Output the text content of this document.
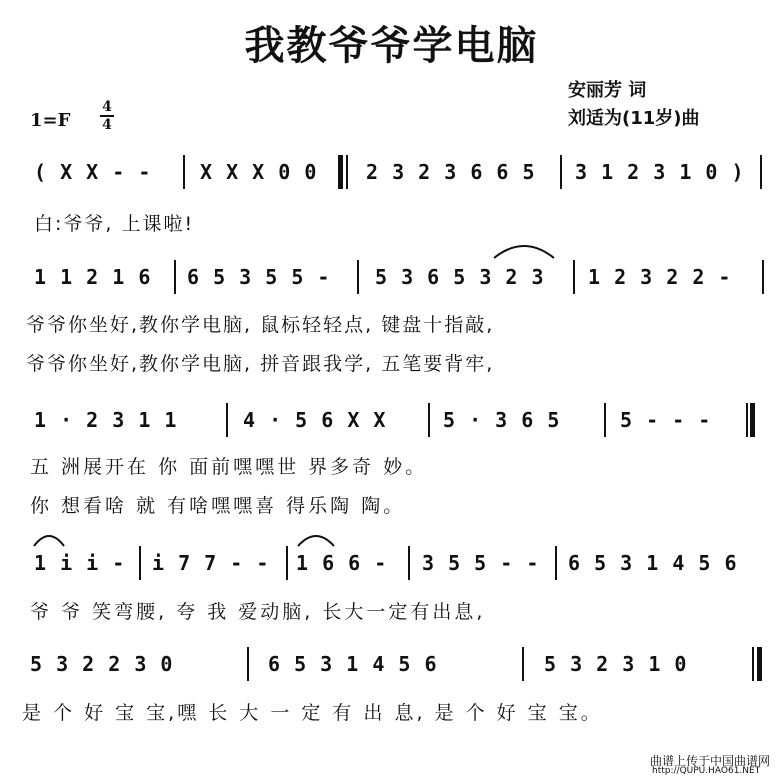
我教爷爷学电脑
安丽芳 词
刘适为(11岁)曲
1=F
4
4
( X X - - X X X 0 0 2 3 2 3 6 6 5 3 1 2 3 1 0 )
白:爷爷, 上课啦!
1 1 2 1 6 6 5 3 5 5 - 5 3 6 5 3 2 3 1 2 3 2 2 -
爷爷你坐好,教你学电脑, 鼠标轻轻点, 键盘十指敲,
爷爷你坐好,教你学电脑, 拼音跟我学, 五笔要背牢,
1 · 2 3 1 1	4 · 5 6 X X	5 · 3 6 5	5 - - -
五 洲展开在 你 面前嘿嘿世 界多奇 妙。
你 想看啥 就 有啥嘿嘿喜 得乐陶 陶。
1 i i - i 7 7 - - 1 6 6 - 3 5 5 - - 6 5 3 1 4 5 6
爷 爷 笑弯腰, 夸 我 爱动脑, 长大一定有出息,
5 3 2 2 3 0	6 5 3 1 4 5 6	5 3 2 3 1 0
是 个 好 宝 宝,嘿 长 大 一 定 有 出 息, 是 个 好 宝 宝。
曲谱上传于中国曲谱网
http://QUPU.HAO61.NET
